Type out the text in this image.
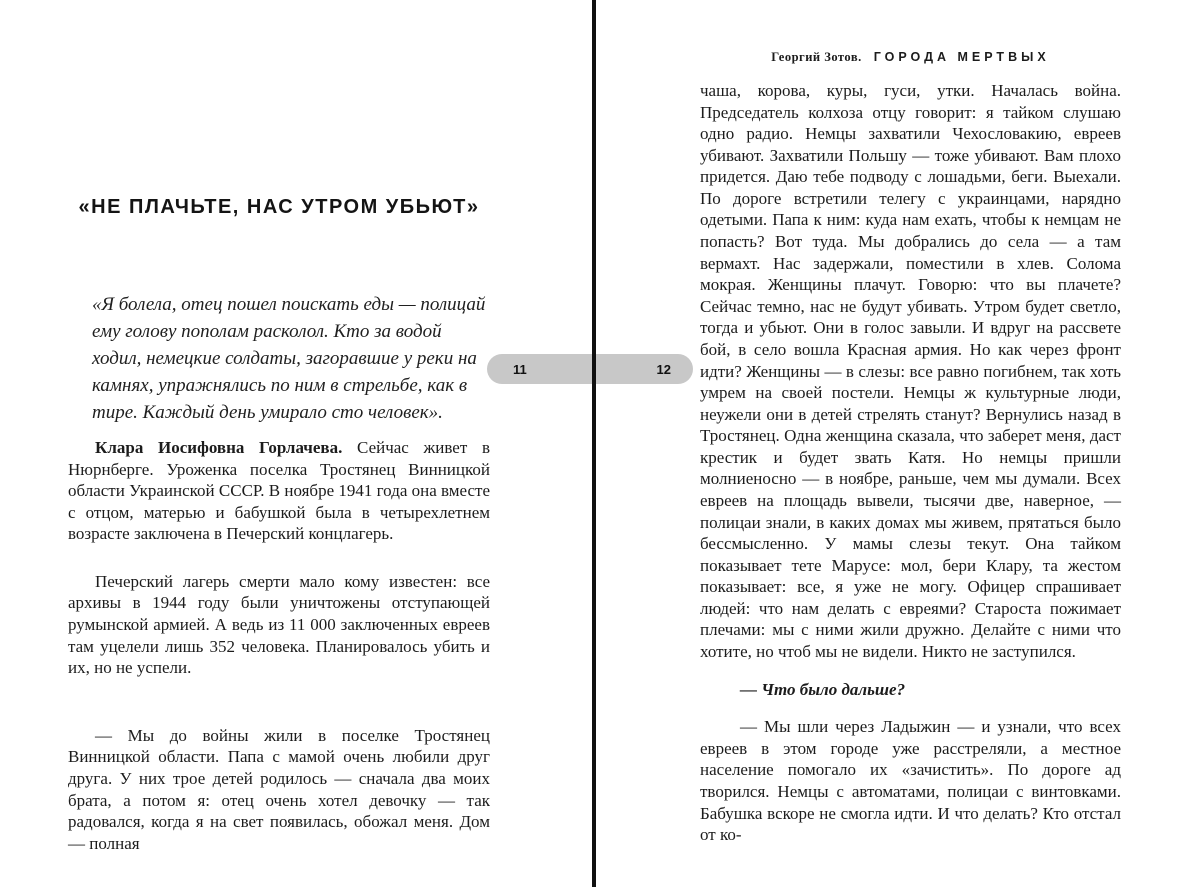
«НЕ ПЛАЧЬТЕ, НАС УТРОМ УБЬЮТ»
«Я болела, отец пошел поискать еды — полицай ему голову пополам расколол. Кто за водой ходил, немецкие солдаты, загоравшие у реки на камнях, упражнялись по ним в стрельбе, как в тире. Каждый день умирало сто человек».

Клара Иосифовна Горлачева. Сейчас живет в Нюрнберге. Уроженка поселка Тростянец Винницкой области Украинской СССР. В ноябре 1941 года она вместе с отцом, матерью и бабушкой была в четырехлетнем возрасте заключена в Печерский концлагерь.

Печерский лагерь смерти мало кому известен: все архивы в 1944 году были уничтожены отступающей румынской армией. А ведь из 11 000 заключенных евреев там уцелели лишь 352 человека. Планировалось убить и их, но не успели.

— Мы до войны жили в поселке Тростянец Винницкой области. Папа с мамой очень любили друг друга. У них трое детей родилось — сначала два моих брата, а потом я: отец очень хотел девочку — так радовался, когда я на свет появилась, обожал меня. Дом — полная

11	12
Георгий Зотов. ГОРОДА МЕРТВЫХ

чаша, корова, куры, гуси, утки. Началась война. Председатель колхоза отцу говорит: я тайком слушаю одно радио. Немцы захватили Чехословакию, евреев убивают. Захватили Польшу — тоже убивают. Вам плохо придется. Даю тебе подводу с лошадьми, беги. Выехали. По дороге встретили телегу с украинцами, нарядно одетыми. Папа к ним: куда нам ехать, чтобы к немцам не попасть? Вот туда. Мы добрались до села — а там вермахт. Нас задержали, поместили в хлев. Солома мокрая. Женщины плачут. Говорю: что вы плачете? Сейчас темно, нас не будут убивать. Утром будет светло, тогда и убьют. Они в голос завыли. И вдруг на рассвете бой, в село вошла Красная армия. Но как через фронт идти? Женщины — в слезы: все равно погибнем, так хоть умрем на своей постели. Немцы ж культурные люди, неужели они в детей стрелять станут? Вернулись назад в Тростянец. Одна женщина сказала, что заберет меня, даст крестик и будет звать Катя. Но немцы пришли молниеносно — в ноябре, раньше, чем мы думали. Всех евреев на площадь вывели, тысячи две, наверное, — полицаи знали, в каких домах мы живем, прятаться было бессмысленно. У мамы слезы текут. Она тайком показывает тете Марусе: мол, бери Клару, та жестом показывает: все, я уже не могу. Офицер спрашивает людей: что нам делать с евреями? Староста пожимает плечами: мы с ними жили дружно. Делайте с ними что хотите, но чтоб мы не видели. Никто не заступился.

— Что было дальше?

— Мы шли через Ладыжин — и узнали, что всех евреев в этом городе уже расстреляли, а местное население помогало их «зачистить». По дороге ад творился. Немцы с автоматами, полицаи с винтовками. Бабушка вскоре не смогла идти. И что делать? Кто отстал от ко-
